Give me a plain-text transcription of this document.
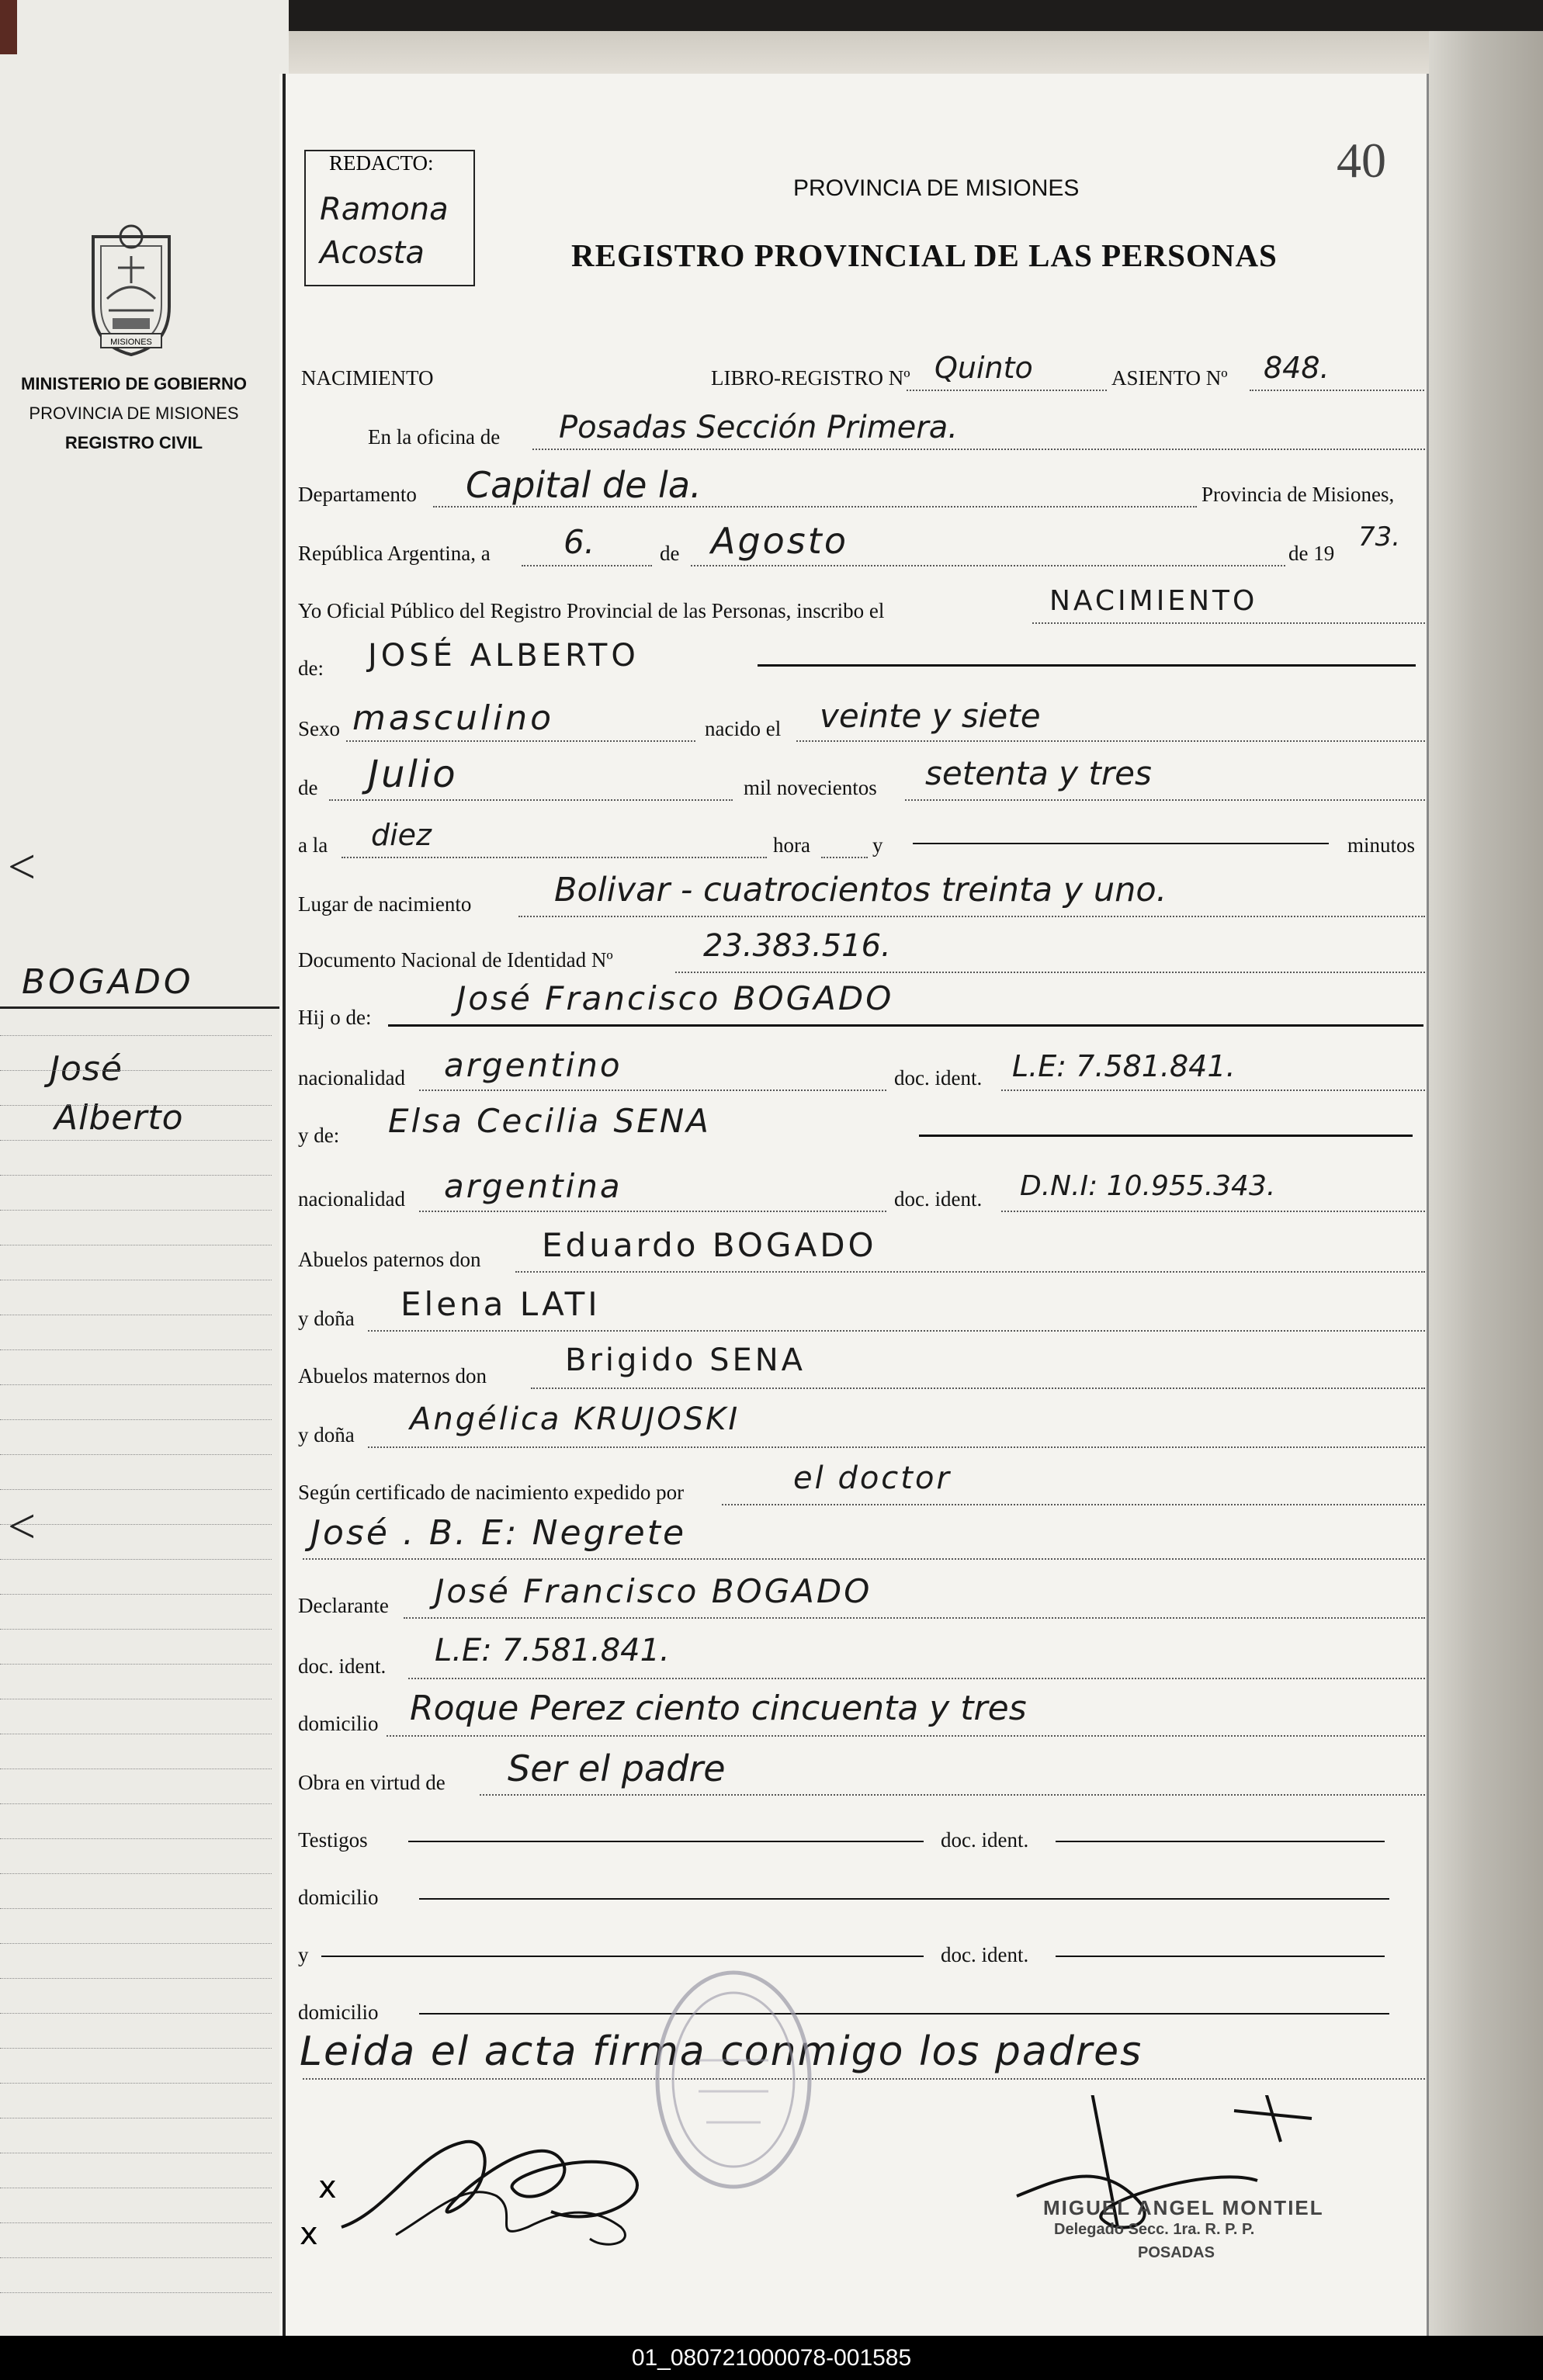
MISIONES
MINISTERIO DE GOBIERNO
PROVINCIA DE MISIONES
REGISTRO CIVIL
<
BOGADO
José
Alberto
<
REDACTO:
Ramona
Acosta
40
PROVINCIA DE MISIONES
REGISTRO PROVINCIAL DE LAS PERSONAS
NACIMIENTO	LIBRO-REGISTRO Nº Quinto	ASIENTO Nº 848.
En la oficina de Posadas Sección Primera.
Departamento Capital de la.	Provincia de Misiones,
República Argentina, a 6.	de Agosto	de 19
73.
Yo Oficial Público del Registro Provincial de las Personas, inscribo el	NACIMIENTO
de: JOSÉ ALBERTO
Sexo masculino	nacido el veinte y siete
de Julio	mil novecientos setenta y tres
a la diez	hora	y	minutos
Lugar de nacimiento Bolivar - cuatrocientos treinta y uno.
Documento Nacional de Identidad Nº	23.383.516.
Hij o de:	José Francisco BOGADO
nacionalidad argentino	doc. ident. L.E: 7.581.841.
y de: Elsa Cecilia SENA
nacionalidad argentina	doc. ident. D.N.I: 10.955.343.
Abuelos paternos don Eduardo BOGADO
y doña Elena LATI
Abuelos maternos don	Brigido SENA
y doña Angélica KRUJOSKI
Según certificado de nacimiento expedido por	el doctor
José . B. E: Negrete
Declarante José Francisco BOGADO
doc. ident. L.E: 7.581.841.
domicilio Roque Perez ciento cincuenta y tres
Obra en virtud de Ser el padre
Testigos	doc. ident.
domicilio
y	doc. ident.
domicilio
Leida el acta firma conmigo los padres
x
x
MIGUEL ANGEL MONTIEL
Delegado Secc. 1ra. R. P. P.
POSADAS
01_080721000078-001585
